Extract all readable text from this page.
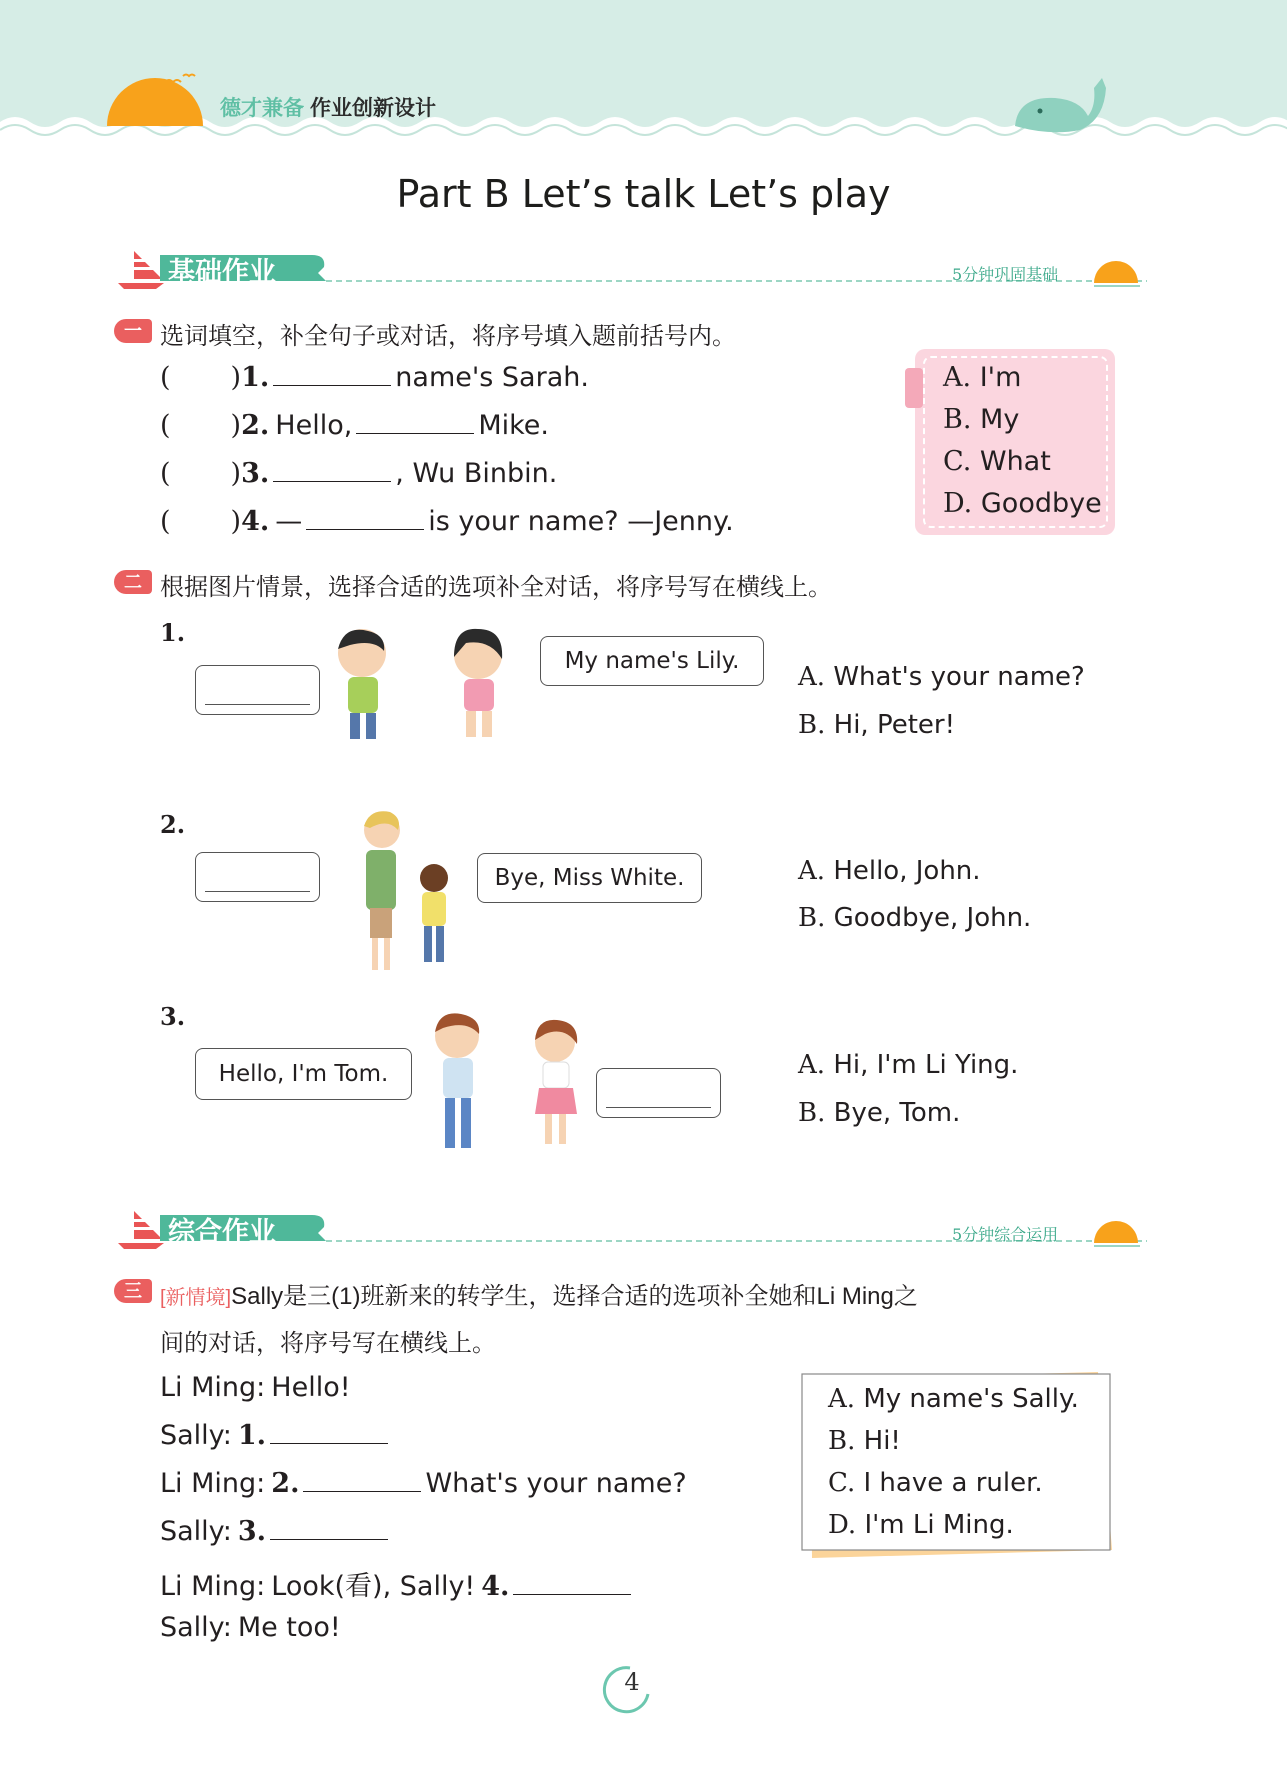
德才兼备 作业创新设计
Part B Let’s talk Let’s play
基础作业	5分钟巩固基础
一 选词填空，补全句子或对话，将序号填入题前括号内。
( )1.	name's Sarah.
( )2. Hello,	Mike.
( )3.	, Wu Binbin.
( )4. —	is your name? —Jenny.
A. I'm
B. My
C. What
D. Goodbye
二 根据图片情景，选择合适的选项补全对话，将序号写在横线上。
1.
My name's Lily.
A. What's your name?
B. Hi, Peter!
2.
Bye, Miss White.	A. Hello, John.
B. Goodbye, John.
3.
Hello, I'm Tom.	A. Hi, I'm Li Ying.
B. Bye, Tom.
综合作业	5分钟综合运用
三 [新情境]Sally是三(1)班新来的转学生，选择合适的选项补全她和Li Ming之
间的对话，将序号写在横线上。
Li Ming: Hello!
Sally: 1.
Li Ming: 2.	What's your name?
Sally: 3.
Li Ming: Look(看), Sally! 4.
Sally: Me too!
A. My name's Sally.
B. Hi!
C. I have a ruler.
D. I'm Li Ming.
4
